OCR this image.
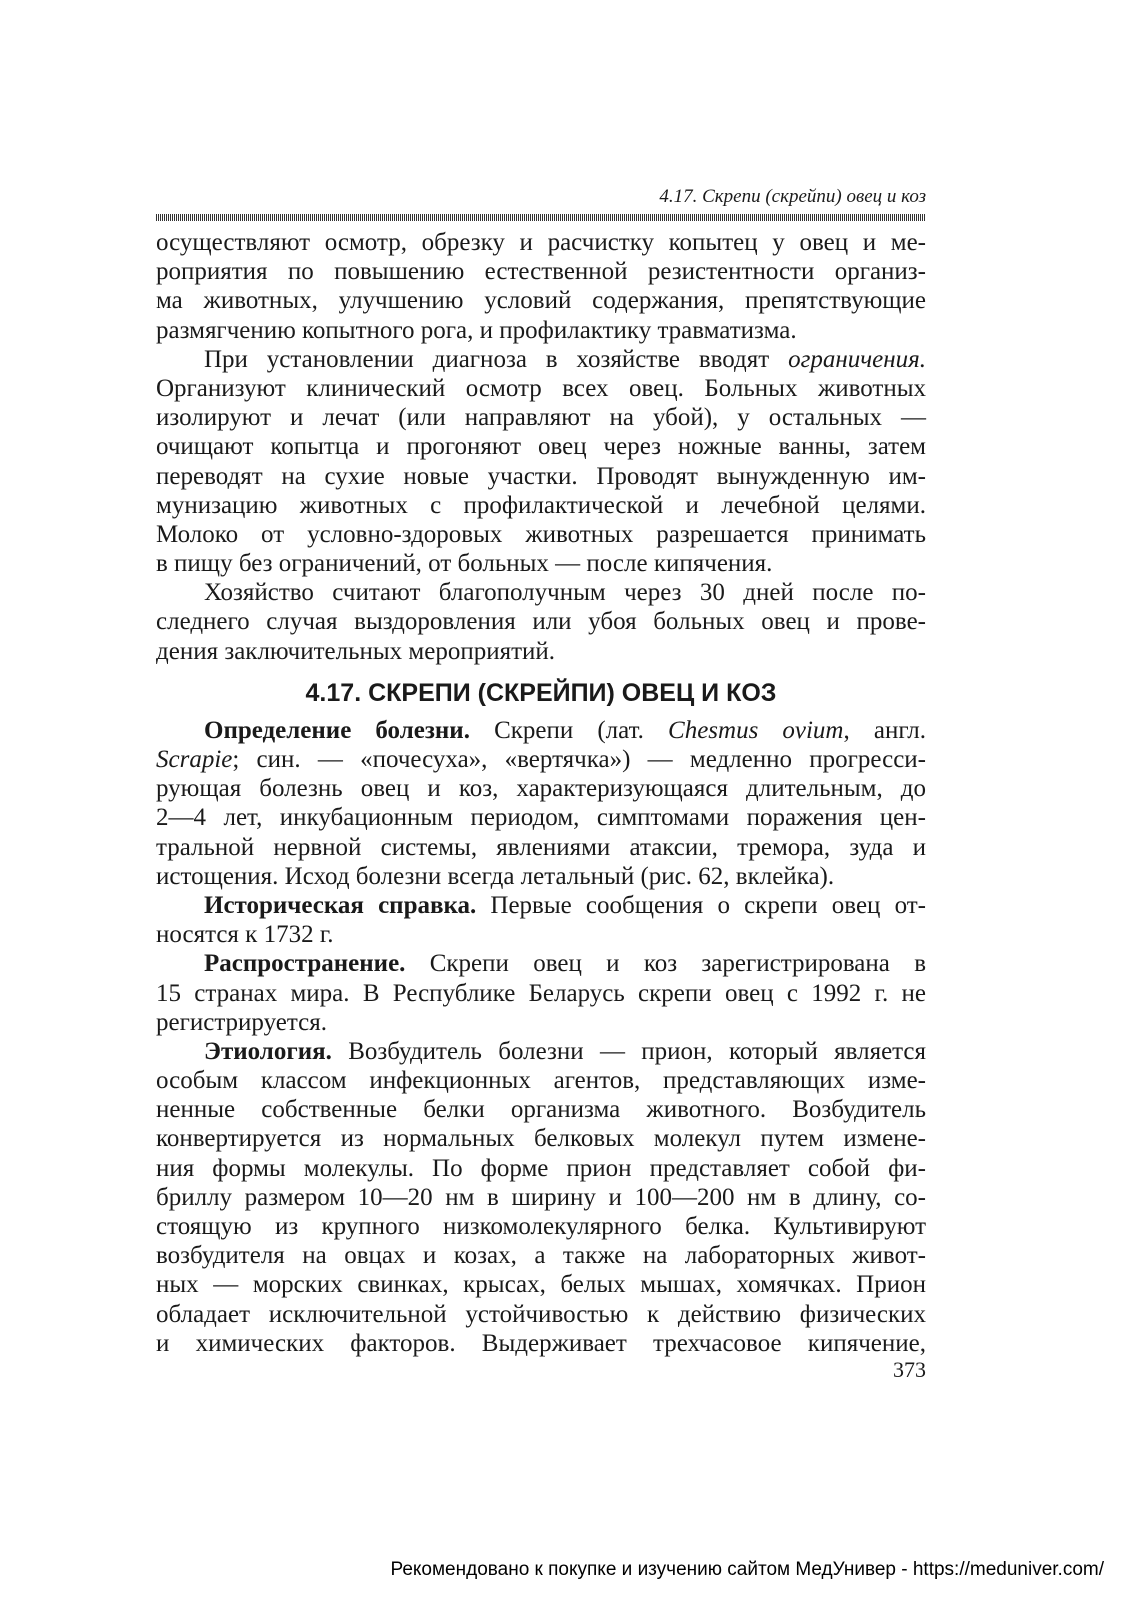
4.17. Скрепи (скрейпи) овец и коз
осуществляют осмотр, обрезку и расчистку копытец у овец и ме-
роприятия по повышению естественной резистентности организ-
ма животных, улучшению условий содержания, препятствующие
размягчению копытного рога, и профилактику травматизма.
При установлении диагноза в хозяйстве вводят ограничения.
Организуют клинический осмотр всех овец. Больных животных
изолируют и лечат (или направляют на убой), у остальных —
очищают копытца и прогоняют овец через ножные ванны, затем
переводят на сухие новые участки. Проводят вынужденную им-
мунизацию животных с профилактической и лечебной целями.
Молоко от условно-здоровых животных разрешается принимать
в пищу без ограничений, от больных — после кипячения.
Хозяйство считают благополучным через 30 дней после по-
следнего случая выздоровления или убоя больных овец и прове-
дения заключительных мероприятий.
4.17. СКРЕПИ (СКРЕЙПИ) ОВЕЦ И КОЗ
Определение болезни. Скрепи (лат. Chesmus ovium, англ.
Scrapie; син. — «почесуха», «вертячка») — медленно прогресси-
рующая болезнь овец и коз, характеризующаяся длительным, до
2—4 лет, инкубационным периодом, симптомами поражения цен-
тральной нервной системы, явлениями атаксии, тремора, зуда и
истощения. Исход болезни всегда летальный (рис. 62, вклейка).
Историческая справка. Первые сообщения о скрепи овец от-
носятся к 1732 г.
Распространение. Скрепи овец и коз зарегистрирована в
15 странах мира. В Республике Беларусь скрепи овец с 1992 г. не
регистрируется.
Этиология. Возбудитель болезни — прион, который является
особым классом инфекционных агентов, представляющих изме-
ненные собственные белки организма животного. Возбудитель
конвертируется из нормальных белковых молекул путем измене-
ния формы молекулы. По форме прион представляет собой фи-
бриллу размером 10—20 нм в ширину и 100—200 нм в длину, со-
стоящую из крупного низкомолекулярного белка. Культивируют
возбудителя на овцах и козах, а также на лабораторных живот-
ных — морских свинках, крысах, белых мышах, хомячках. Прион
обладает исключительной устойчивостью к действию физических
и химических факторов. Выдерживает трехчасовое кипячение,
373
Рекомендовано к покупке и изучению сайтом МедУнивер - https://meduniver.com/
